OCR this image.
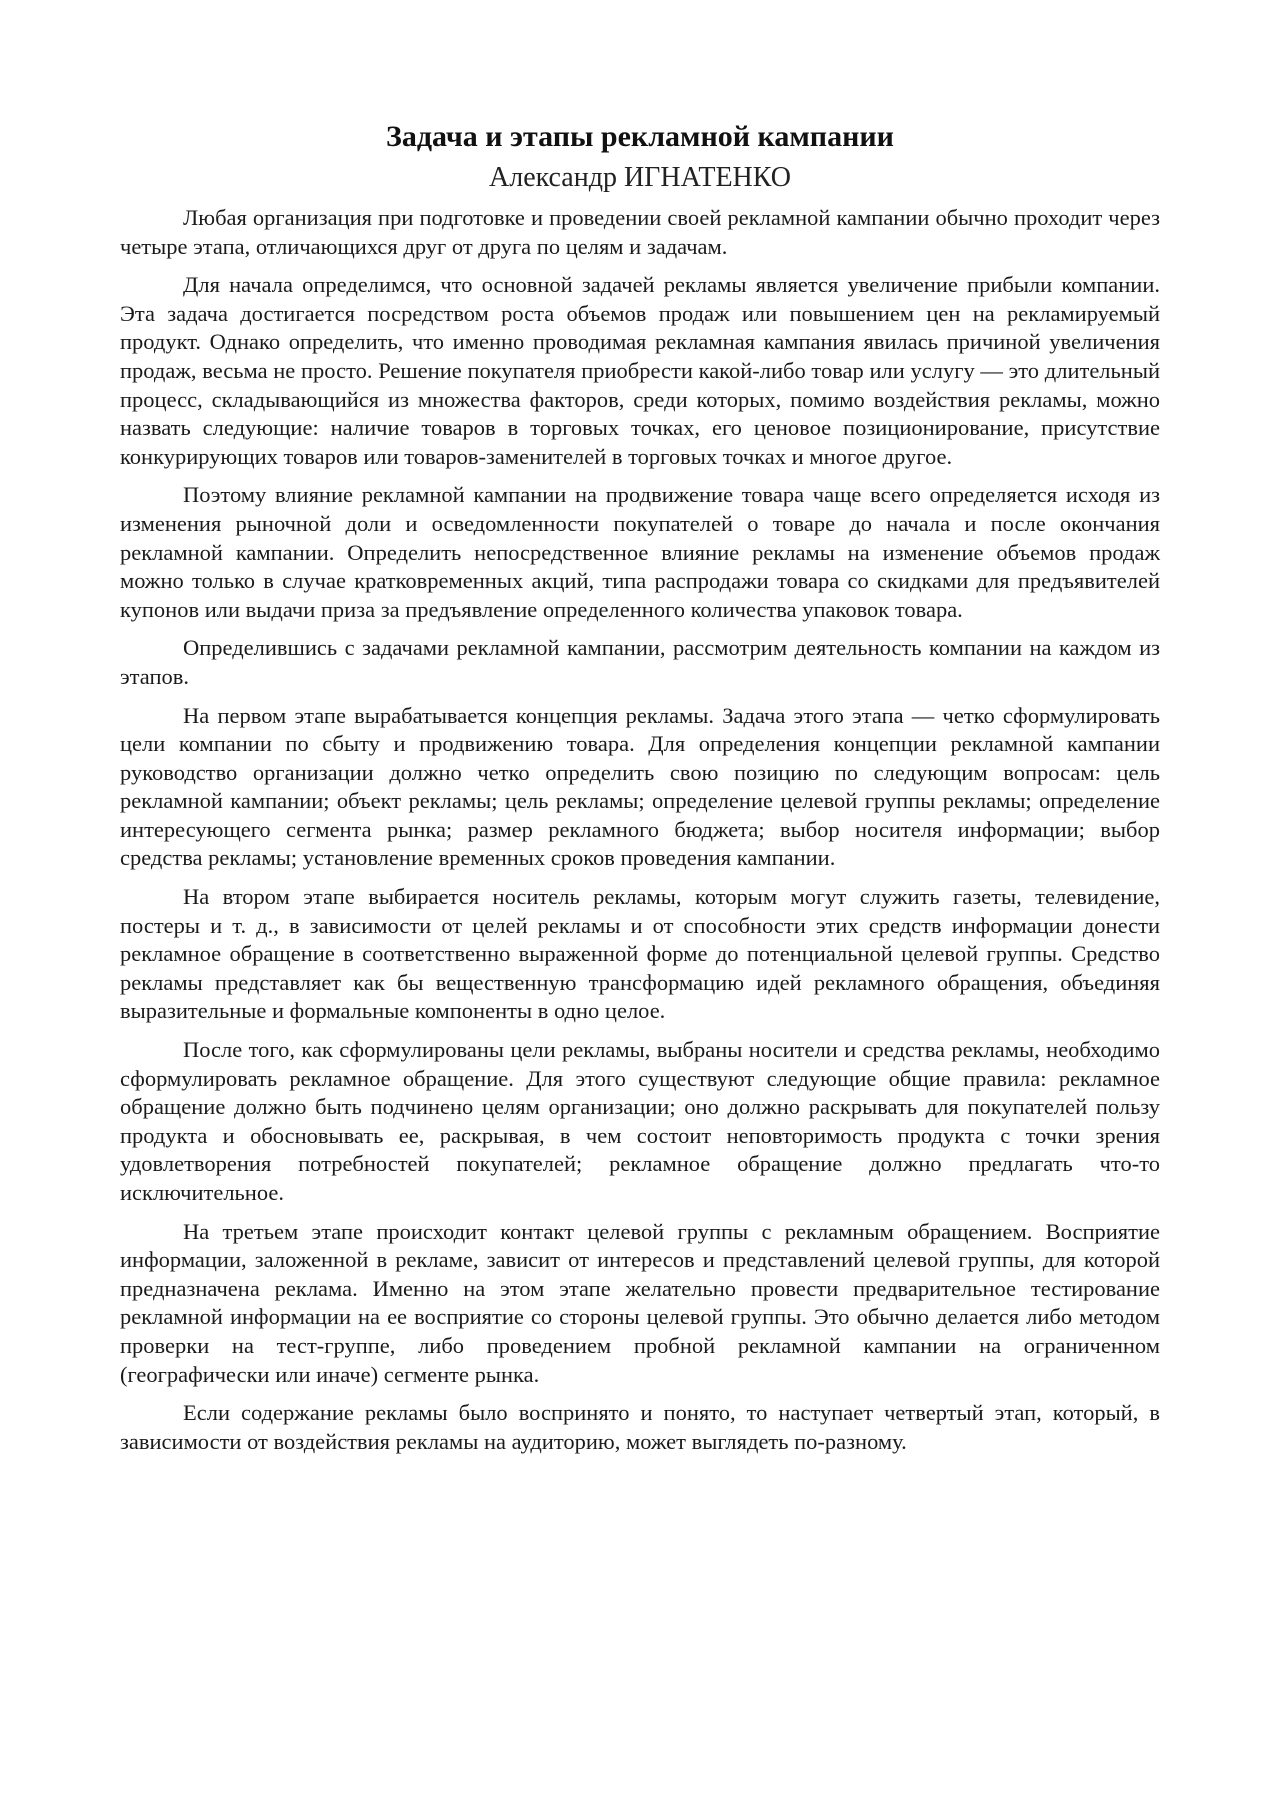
Задача и этапы рекламной кампании
Александр ИГНАТЕНКО

Любая организация при подготовке и проведении своей рекламной кампании обычно проходит через четыре этапа, отличающихся друг от друга по целям и задачам.

Для начала определимся, что основной задачей рекламы является увеличение прибыли компании. Эта задача достигается посредством роста объемов продаж или повышением цен на рекламируемый продукт. Однако определить, что именно проводимая рекламная кампания явилась причиной увеличения продаж, весьма не просто. Решение покупателя приобрести какой-либо товар или услугу — это длительный процесс, складывающийся из множества факторов, среди которых, помимо воздействия рекламы, можно назвать следующие: наличие товаров в торговых точках, его ценовое позиционирование, присутствие конкурирующих товаров или товаров-заменителей в торговых точках и многое другое.

Поэтому влияние рекламной кампании на продвижение товара чаще всего определяется исходя из изменения рыночной доли и осведомленности покупателей о товаре до начала и после окончания рекламной кампании. Определить непосредственное влияние рекламы на изменение объемов продаж можно только в случае кратковременных акций, типа распродажи товара со скидками для предъявителей купонов или выдачи приза за предъявление определенного количества упаковок товара.

Определившись с задачами рекламной кампании, рассмотрим деятельность компании на каждом из этапов.

На первом этапе вырабатывается концепция рекламы. Задача этого этапа — четко сформулировать цели компании по сбыту и продвижению товара. Для определения концепции рекламной кампании руководство организации должно четко определить свою позицию по следующим вопросам: цель рекламной кампании; объект рекламы; цель рекламы; определение целевой группы рекламы; определение интересующего сегмента рынка; размер рекламного бюджета; выбор носителя информации; выбор средства рекламы; установление временных сроков проведения кампании.

На втором этапе выбирается носитель рекламы, которым могут служить газеты, телевидение, постеры и т. д., в зависимости от целей рекламы и от способности этих средств информации донести рекламное обращение в соответственно выраженной форме до потенциальной целевой группы. Средство рекламы представляет как бы вещественную трансформацию идей рекламного обращения, объединяя выразительные и формальные компоненты в одно целое.

После того, как сформулированы цели рекламы, выбраны носители и средства рекламы, необходимо сформулировать рекламное обращение. Для этого существуют следующие общие правила: рекламное обращение должно быть подчинено целям организации; оно должно раскрывать для покупателей пользу продукта и обосновывать ее, раскрывая, в чем состоит неповторимость продукта с точки зрения удовлетворения потребностей покупателей; рекламное обращение должно предлагать что-то исключительное.

На третьем этапе происходит контакт целевой группы с рекламным обращением. Восприятие информации, заложенной в рекламе, зависит от интересов и представлений целевой группы, для которой предназначена реклама. Именно на этом этапе желательно провести предварительное тестирование рекламной информации на ее восприятие со стороны целевой группы. Это обычно делается либо методом проверки на тест-группе, либо проведением пробной рекламной кампании на ограниченном (географически или иначе) сегменте рынка.

Если содержание рекламы было воспринято и понято, то наступает четвертый этап, который, в зависимости от воздействия рекламы на аудиторию, может выглядеть по-разному.
